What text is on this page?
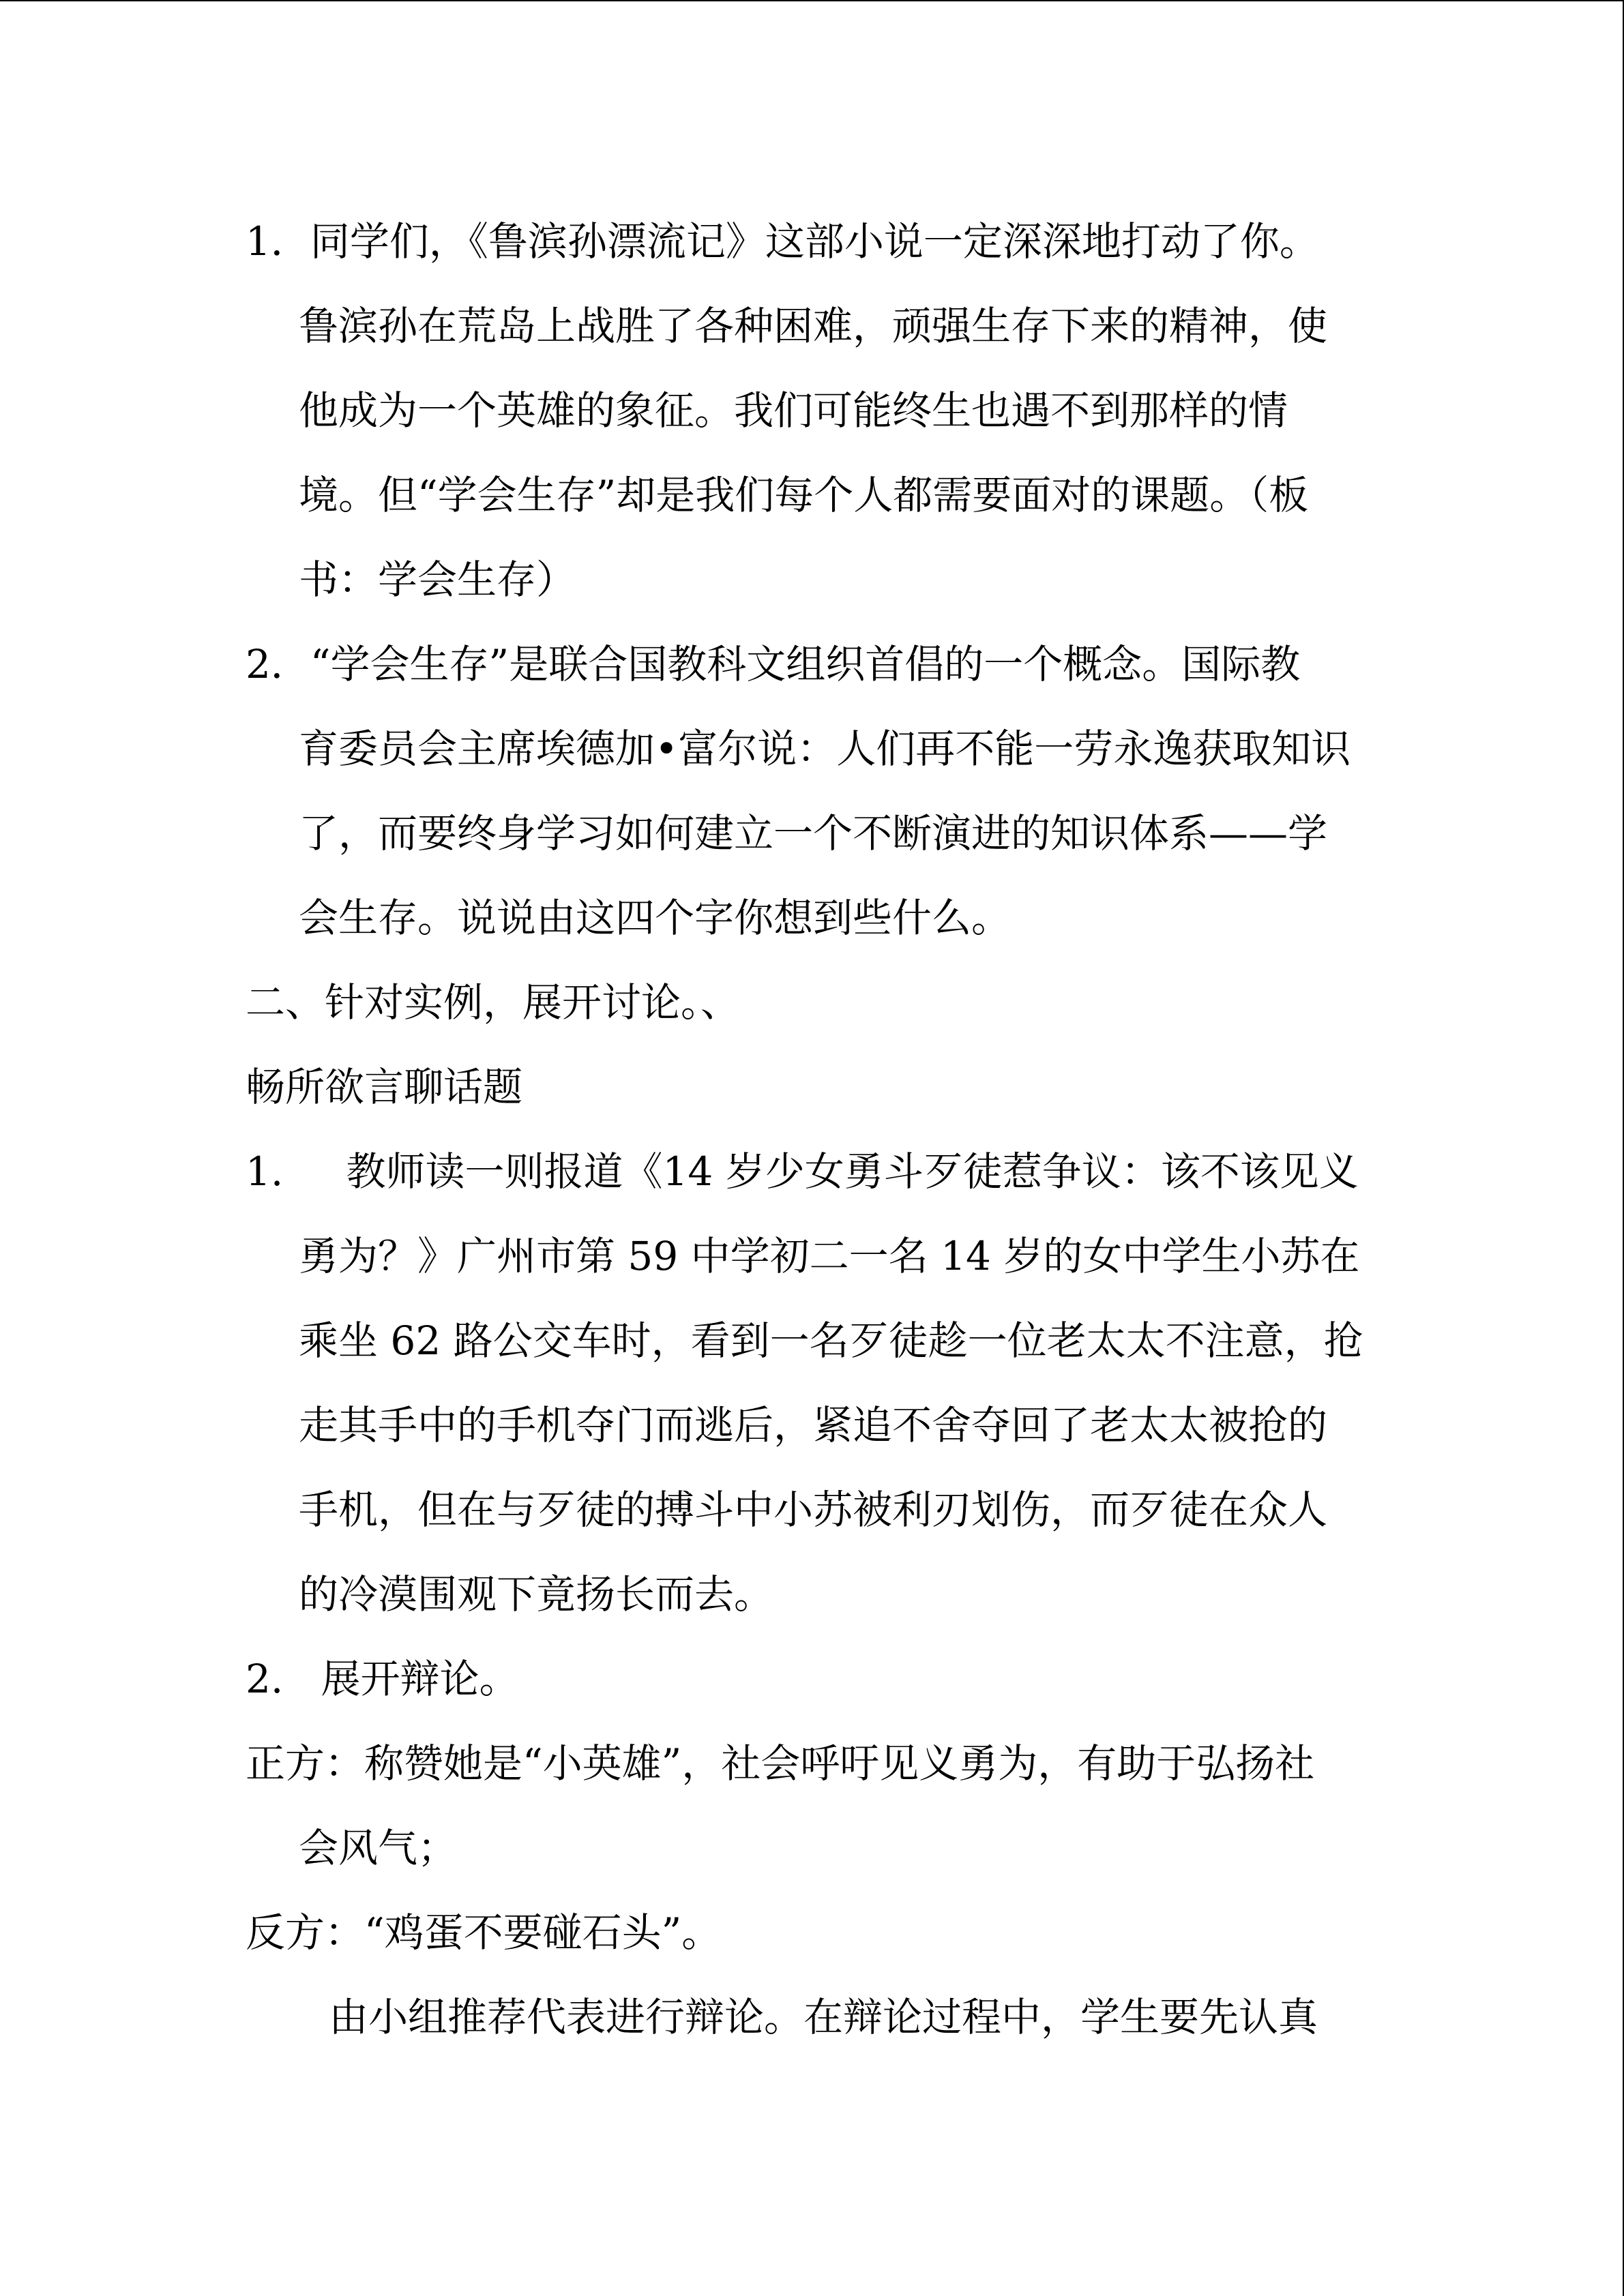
1．同学们，《鲁滨孙漂流记》这部小说一定深深地打动了你。
鲁滨孙在荒岛上战胜了各种困难，顽强生存下来的精神，使
他成为一个英雄的象征。我们可能终生也遇不到那样的情
境。但“学会生存”却是我们每个人都需要面对的课题。（板
书：学会生存）
2．“学会生存”是联合国教科文组织首倡的一个概念。国际教
育委员会主席埃德加•富尔说：人们再不能一劳永逸获取知识
了，而要终身学习如何建立一个不断演进的知识体系——学
会生存。说说由这四个字你想到些什么。
二、针对实例，展开讨论。、
畅所欲言聊话题
1.     教师读一则报道《14 岁少女勇斗歹徒惹争议：该不该见义
勇为？》广州市第 59 中学初二一名 14 岁的女中学生小苏在
乘坐 62 路公交车时，看到一名歹徒趁一位老太太不注意，抢
走其手中的手机夺门而逃后，紧追不舍夺回了老太太被抢的
手机，但在与歹徒的搏斗中小苏被利刃划伤，而歹徒在众人
的冷漠围观下竟扬长而去。
2.   展开辩论。
正方：称赞她是“小英雄”，社会呼吁见义勇为，有助于弘扬社
会风气；
反方：“鸡蛋不要碰石头”。
由小组推荐代表进行辩论。在辩论过程中，学生要先认真
